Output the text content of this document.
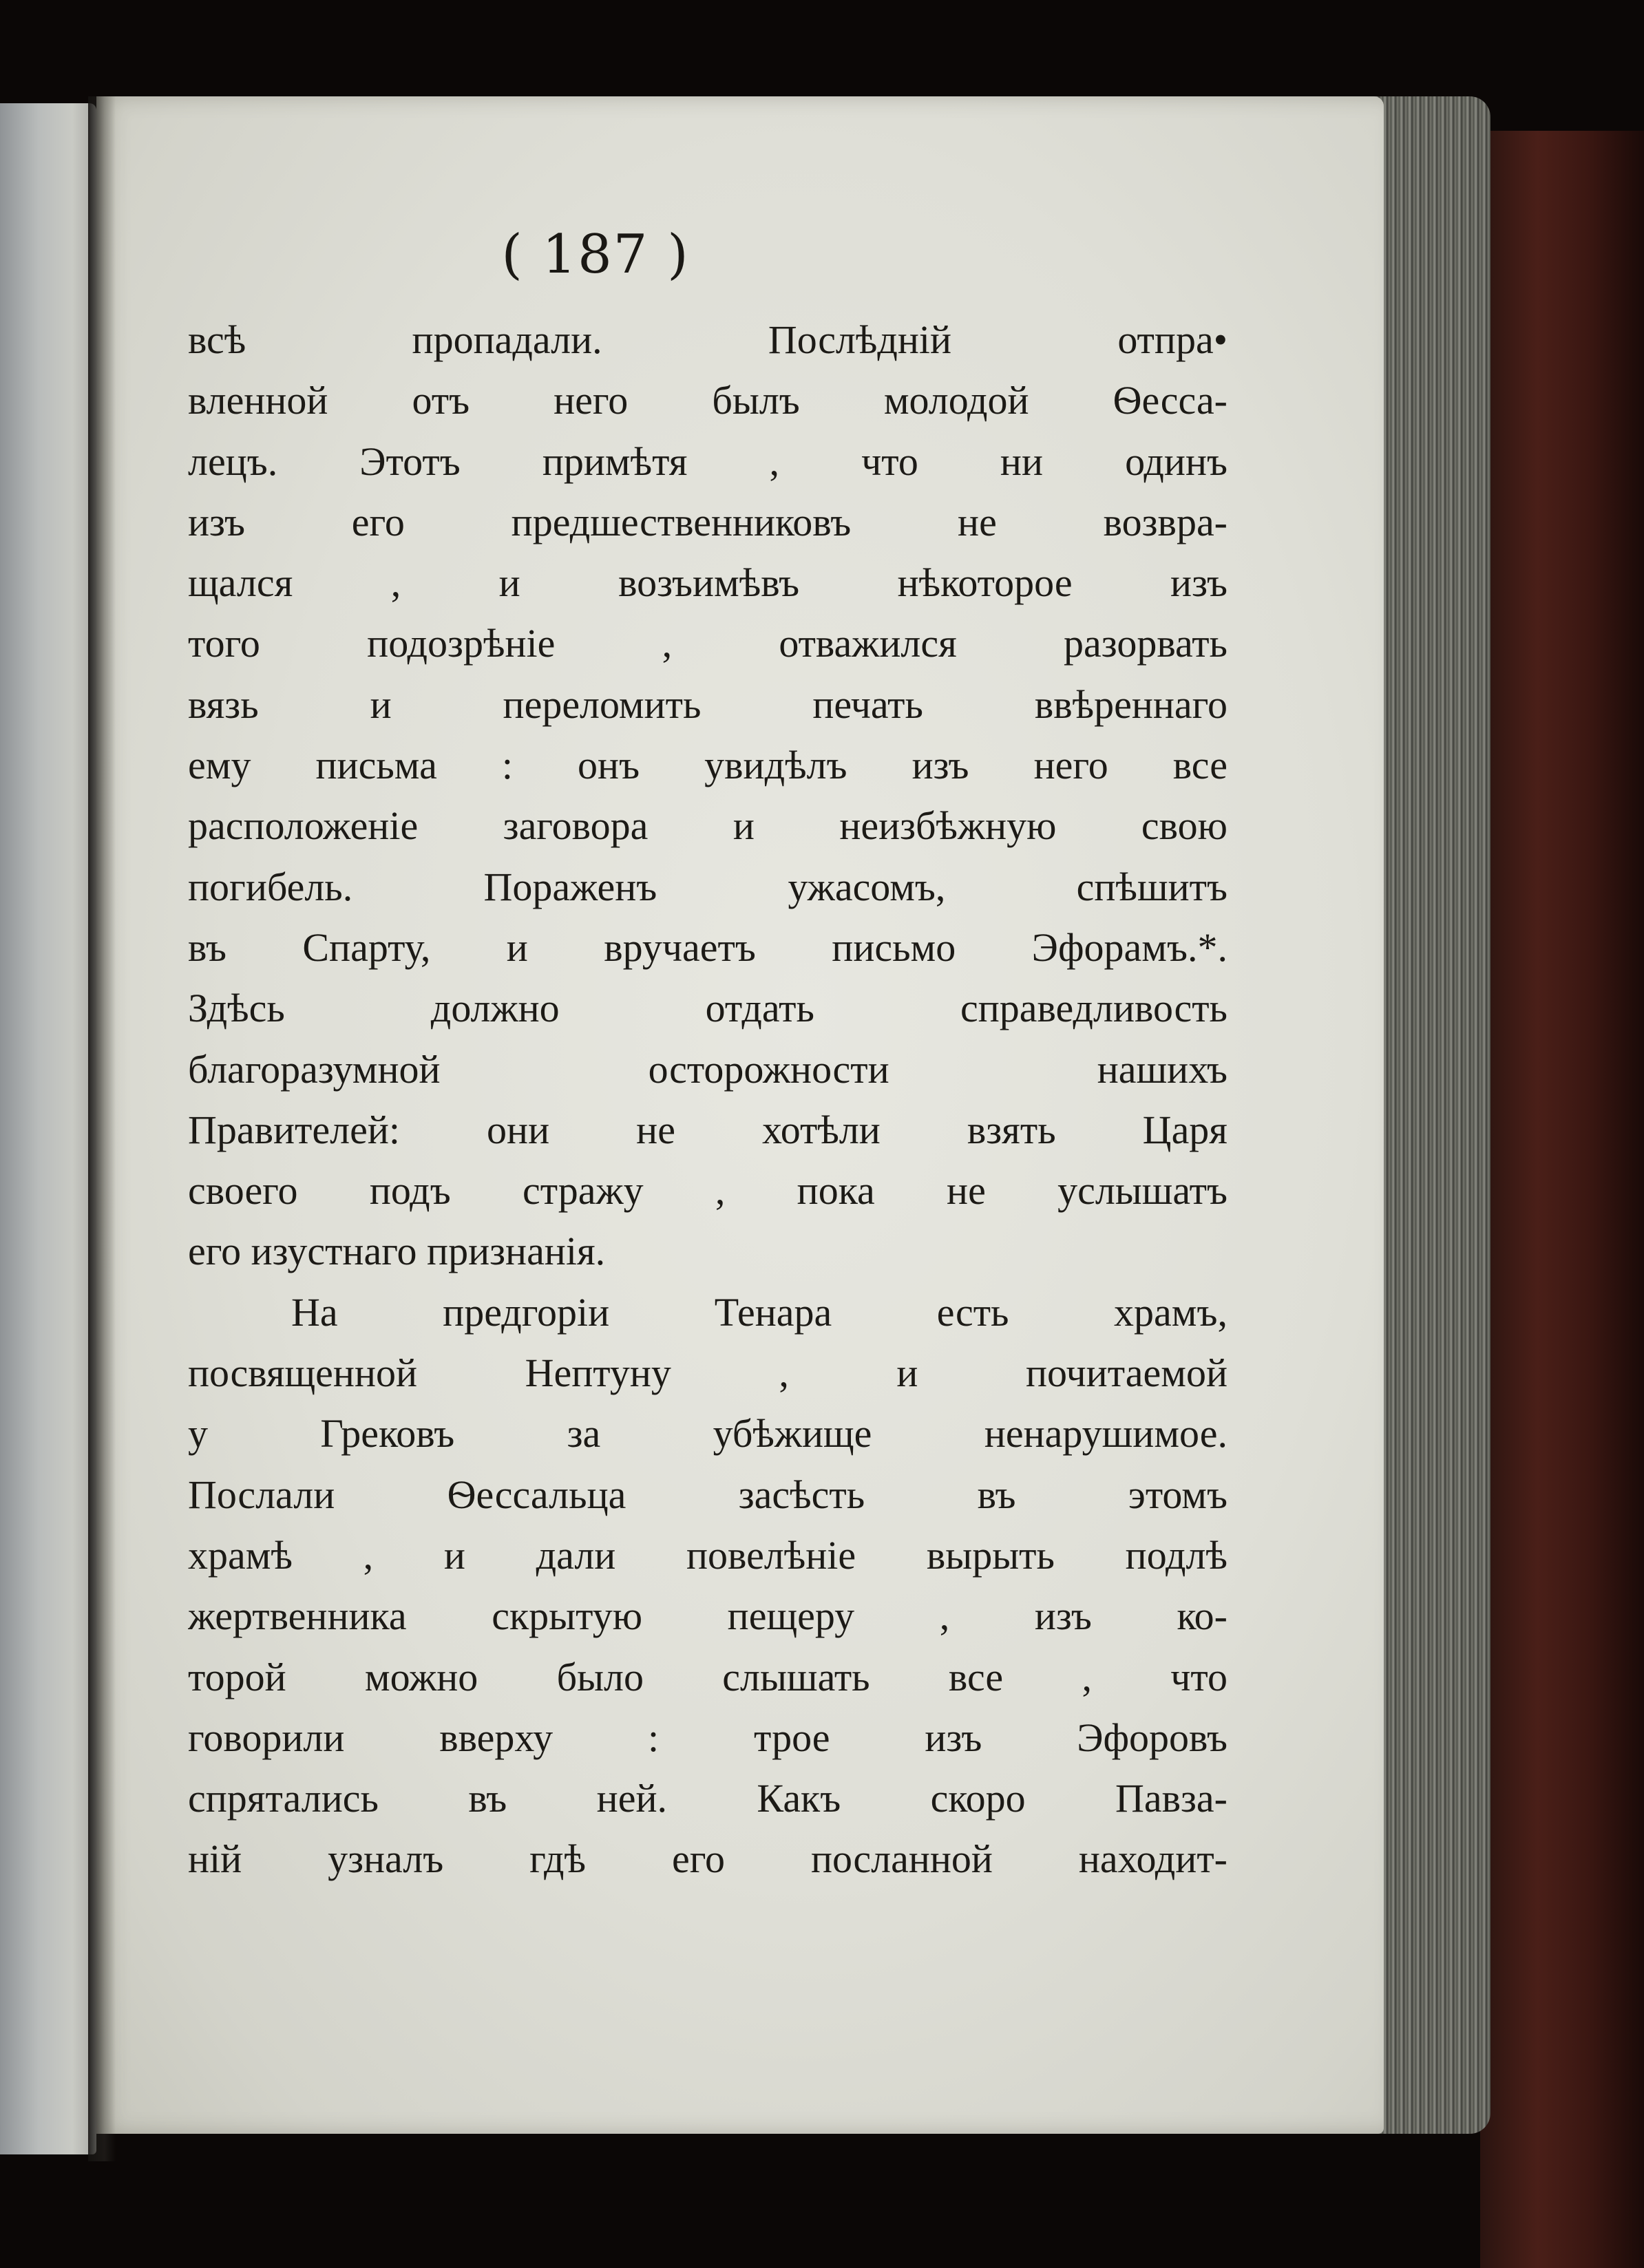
( 187 )
всѣ пропадали. Послѣдній отпра•
вленной отъ него былъ молодой Ѳесса-
лецъ. Этотъ примѣтя , что ни одинъ
изъ его предшественниковъ не возвра-
щался , и возъимѣвъ нѣкоторое изъ
того подозрѣніе , отважился разорвать
вязь и переломить печать ввѣреннаго
ему письма : онъ увидѣлъ изъ него все
расположеніе заговора и неизбѣжную свою
погибель. Пораженъ ужасомъ, спѣшитъ
въ Спарту, и вручаетъ письмо Эфорамъ.*.
Здѣсь должно отдать справедливость
благоразумной осторожности нашихъ
Правителей: они не хотѣли взять Царя
своего подъ стражу , пока не услышатъ
его изустнаго признанія.
На предгоріи Тенара есть храмъ,
посвященной Нептуну , и почитаемой
у Грековъ за убѣжище ненарушимое.
Послали Ѳессальца засѣсть въ этомъ
храмѣ , и дали повелѣніе вырыть подлѣ
жертвенника скрытую пещеру , изъ ко-
торой можно было слышать все , что
говорили вверху : трое изъ Эфоровъ
спрятались въ ней. Какъ скоро Павза-
ній узналъ гдѣ его посланной находит-
